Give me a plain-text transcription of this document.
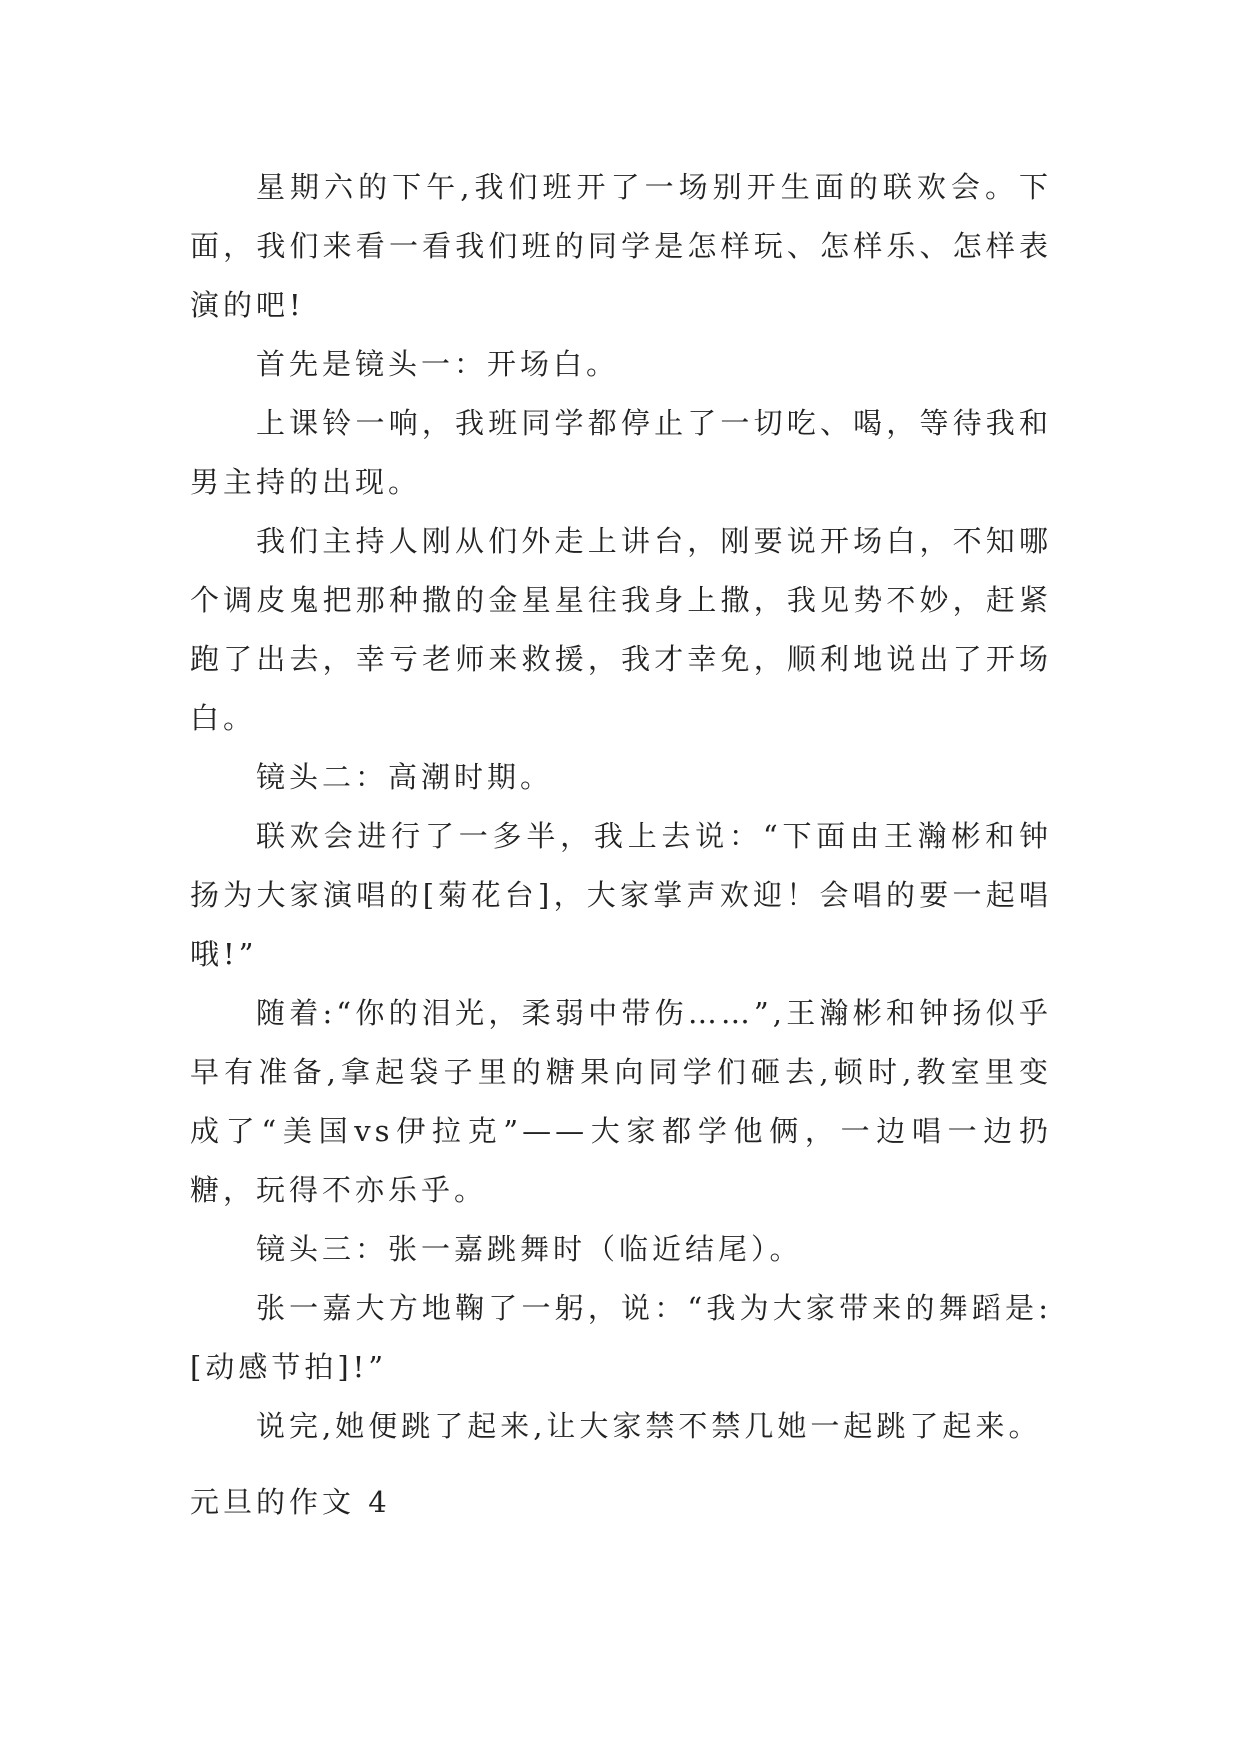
星期六的下午,我们班开了一场别开生面的联欢会。下面，我们来看一看我们班的同学是怎样玩、怎样乐、怎样表演的吧!

首先是镜头一：开场白。

上课铃一响，我班同学都停止了一切吃、喝，等待我和男主持的出现。

我们主持人刚从们外走上讲台，刚要说开场白，不知哪个调皮鬼把那种撒的金星星往我身上撒，我见势不妙，赶紧跑了出去，幸亏老师来救援，我才幸免，顺利地说出了开场白。

镜头二：高潮时期。

联欢会进行了一多半，我上去说：“下面由王瀚彬和钟扬为大家演唱的[菊花台]，大家掌声欢迎！会唱的要一起唱哦!”

随着:“你的泪光，柔弱中带伤……”,王瀚彬和钟扬似乎早有准备,拿起袋子里的糖果向同学们砸去,顿时,教室里变成了“美国vs伊拉克”——大家都学他俩，一边唱一边扔糖，玩得不亦乐乎。

镜头三：张一嘉跳舞时（临近结尾）。

张一嘉大方地鞠了一躬，说：“我为大家带来的舞蹈是:[动感节拍]!”

说完,她便跳了起来,让大家禁不禁几她一起跳了起来。

元旦的作文 4
